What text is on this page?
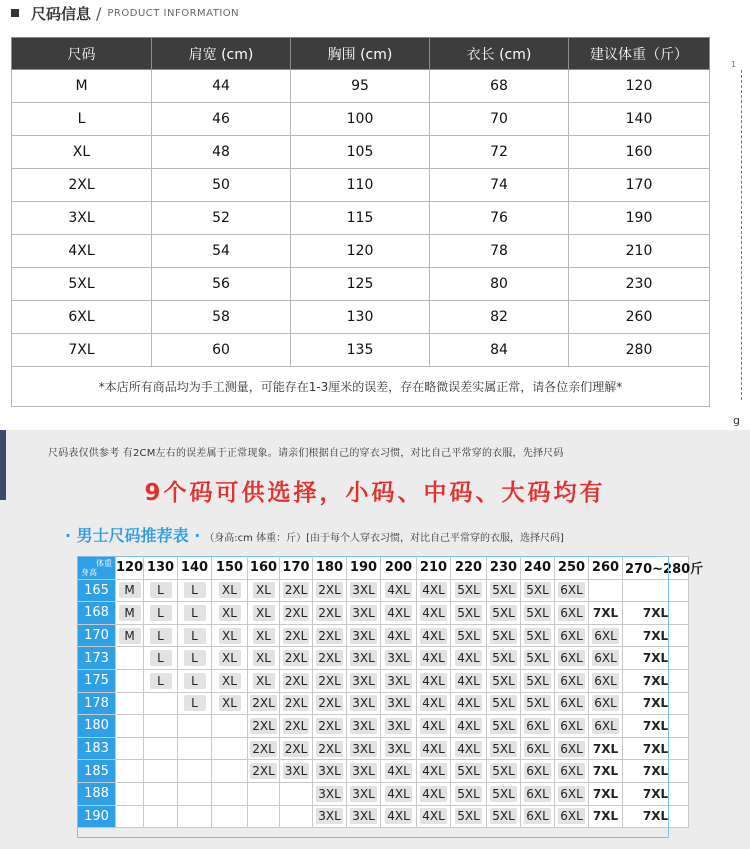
尺码信息 / PRODUCT INFORMATION
尺码	肩宽 (cm)	胸围 (cm)	衣长 (cm)	建议体重（斤）
M	44	95	68	120
L	46	100	70	140
XL	48	105	72	160
2XL	50	110	74	170
3XL	52	115	76	190
4XL	54	120	78	210
5XL	56	125	80	230
6XL	58	130	82	260
7XL	60	135	84	280
*本店所有商品均为手工测量，可能存在1-3厘米的误差，存在略微误差实属正常，请各位亲们理解*				
1
g
尺码表仅供参考 有2CM左右的误差属于正常现象。请亲们根据自己的穿衣习惯，对比自己平常穿的衣服，先择尺码
9个码可供选择，小码、中码、大码均有
· 男士尺码推荐表 · （身高:cm 体重：斤）[由于每个人穿衣习惯，对比自己平常穿的衣服，选择尺码]
体重
身高	120	130	140	150	160	170	180	190	200	210	220	230	240	250	260	270~280斤
165	M	L	L	XL	XL	2XL	2XL	3XL	4XL	4XL	5XL	5XL	5XL	6XL		
168	M	L	L	XL	XL	2XL	2XL	3XL	4XL	4XL	5XL	5XL	5XL	6XL	7XL	7XL
170	M	L	L	XL	XL	2XL	2XL	3XL	4XL	4XL	5XL	5XL	5XL	6XL	6XL	7XL
173		L	L	XL	XL	2XL	2XL	3XL	3XL	4XL	4XL	5XL	5XL	6XL	6XL	7XL
175		L	L	XL	XL	2XL	2XL	3XL	3XL	4XL	4XL	5XL	5XL	6XL	6XL	7XL
178			L	XL	2XL	2XL	2XL	3XL	3XL	4XL	4XL	5XL	5XL	6XL	6XL	7XL
180					2XL	2XL	2XL	3XL	3XL	4XL	4XL	5XL	6XL	6XL	6XL	7XL
183					2XL	2XL	2XL	3XL	3XL	4XL	4XL	5XL	6XL	6XL	7XL	7XL
185					2XL	3XL	3XL	3XL	4XL	4XL	5XL	5XL	6XL	6XL	7XL	7XL
188							3XL	3XL	4XL	4XL	5XL	5XL	6XL	6XL	7XL	7XL
190							3XL	3XL	4XL	4XL	5XL	5XL	6XL	6XL	7XL	7XL
